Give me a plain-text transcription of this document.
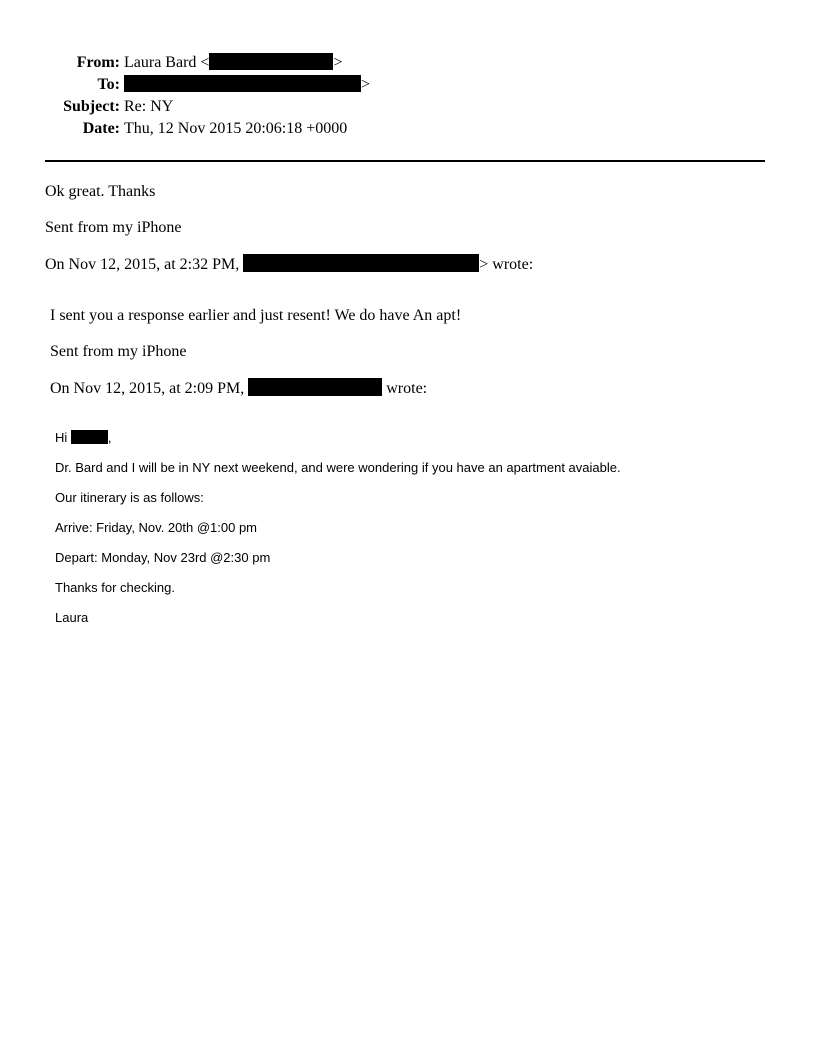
From: Laura Bard <	>
To:	>
Subject: Re: NY
Date: Thu, 12 Nov 2015 20:06:18 +0000
Ok great. Thanks
Sent from my iPhone
On Nov 12, 2015, at 2:32 PM,	> wrote:
I sent you a response earlier and just resent! We do have An apt!
Sent from my iPhone
On Nov 12, 2015, at 2:09 PM,	wrote:
Hi	,
Dr. Bard and I will be in NY next weekend, and were wondering if you have an apartment avaiable.
Our itinerary is as follows:
Arrive: Friday, Nov. 20th @1:00 pm
Depart: Monday, Nov 23rd @2:30 pm
Thanks for checking.
Laura
